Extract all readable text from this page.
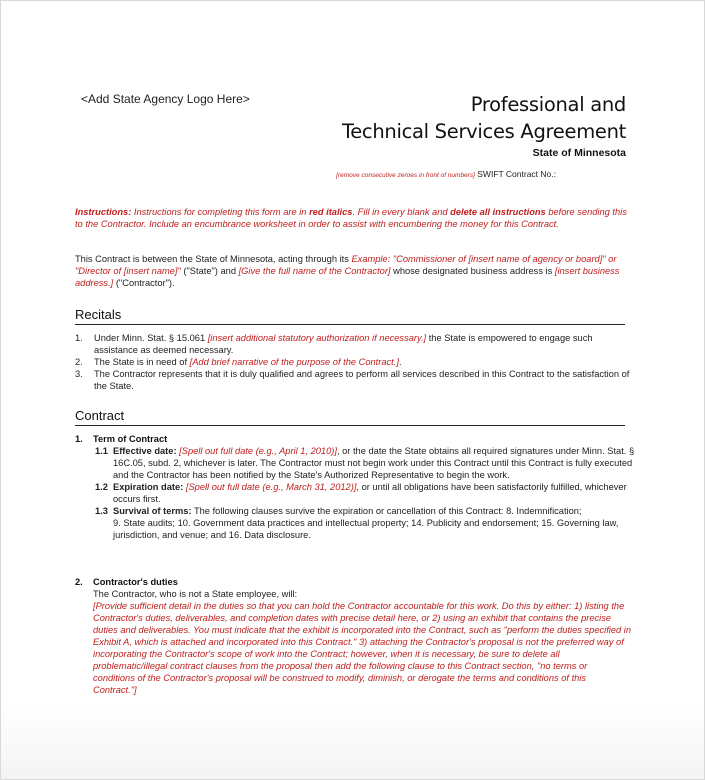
<Add State Agency Logo Here>	Professional and
Technical Services Agreement
State of Minnesota
[remove consecutive zeroes in front of numbers] SWIFT Contract No.:
Instructions: Instructions for completing this form are in red italics. Fill in every blank and delete all instructions before sending this to the Contractor. Include an encumbrance worksheet in order to assist with encumbering the money for this Contract.
This Contract is between the State of Minnesota, acting through its Example: "Commissioner of [insert name of agency or board]" or "Director of [insert name]" ("State") and [Give the full name of the Contractor] whose designated business address is [insert business address.] ("Contractor").
Recitals
1. Under Minn. Stat. § 15.061 [insert additional statutory authorization if necessary.] the State is empowered to engage such assistance as deemed necessary.
2. The State is in need of [Add brief narrative of the purpose of the Contract.].
3. The Contractor represents that it is duly qualified and agrees to perform all services described in this Contract to the satisfaction of the State.
Contract
1. Term of Contract
1.1 Effective date: [Spell out full date (e.g., April 1, 2010)], or the date the State obtains all required signatures under Minn. Stat. § 16C.05, subd. 2, whichever is later. The Contractor must not begin work under this Contract until this Contract is fully executed and the Contractor has been notified by the State's Authorized Representative to begin the work.
1.2 Expiration date: [Spell out full date (e.g., March 31, 2012)], or until all obligations have been satisfactorily fulfilled, whichever occurs first.
1.3 Survival of terms: The following clauses survive the expiration or cancellation of this Contract: 8. Indemnification;
9. State audits; 10. Government data practices and intellectual property; 14. Publicity and endorsement; 15. Governing law, jurisdiction, and venue; and 16. Data disclosure.
2. Contractor's duties
The Contractor, who is not a State employee, will:
[Provide sufficient detail in the duties so that you can hold the Contractor accountable for this work. Do this by either: 1) listing the Contractor's duties, deliverables, and completion dates with precise detail here, or 2) using an exhibit that contains the precise duties and deliverables. You must indicate that the exhibit is incorporated into the Contract, such as "perform the duties specified in Exhibit A, which is attached and incorporated into this Contract." 3) attaching the Contractor's proposal is not the preferred way of incorporating the Contractor's scope of work into the Contract; however, when it is necessary, be sure to delete all problematic/illegal contract clauses from the proposal then add the following clause to this Contract section, "no terms or conditions of the Contractor's proposal will be construed to modify, diminish, or derogate the terms and conditions of this Contract."]
